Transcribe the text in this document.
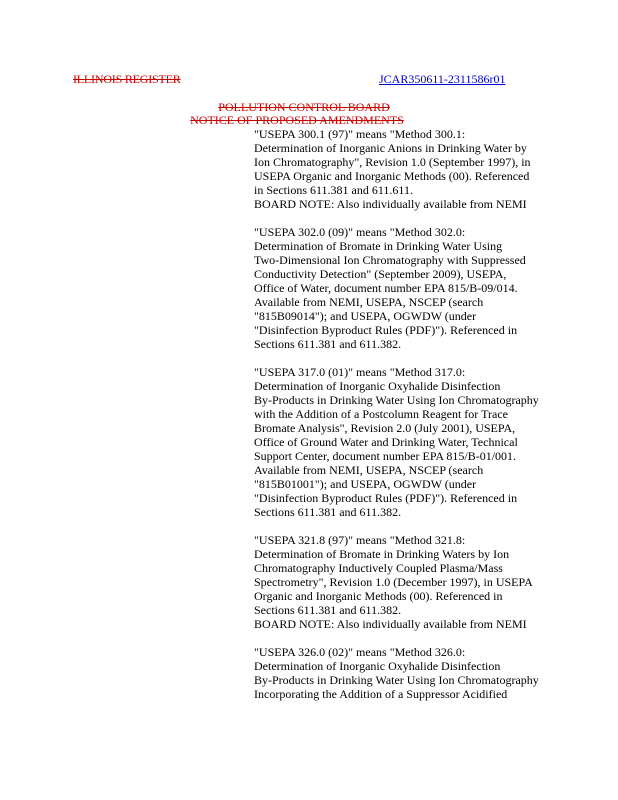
ILLINOIS REGISTER	JCAR350611-2311586r01
POLLUTION CONTROL BOARD
NOTICE OF PROPOSED AMENDMENTS

"USEPA 300.1 (97)" means "Method 300.1:

Determination of Inorganic Anions in Drinking Water by

Ion Chromatography", Revision 1.0 (September 1997), in

USEPA Organic and Inorganic Methods (00). Referenced

in Sections 611.381 and 611.611.

BOARD NOTE: Also individually available from NEMI

"USEPA 302.0 (09)" means "Method 302.0:

Determination of Bromate in Drinking Water Using

Two-Dimensional Ion Chromatography with Suppressed

Conductivity Detection" (September 2009), USEPA,

Office of Water, document number EPA 815/B-09/014.

Available from NEMI, USEPA, NSCEP (search

"815B09014"); and USEPA, OGWDW (under

"Disinfection Byproduct Rules (PDF)"). Referenced in

Sections 611.381 and 611.382.

"USEPA 317.0 (01)" means "Method 317.0:

Determination of Inorganic Oxyhalide Disinfection

By-Products in Drinking Water Using Ion Chromatography

with the Addition of a Postcolumn Reagent for Trace

Bromate Analysis", Revision 2.0 (July 2001), USEPA,

Office of Ground Water and Drinking Water, Technical

Support Center, document number EPA 815/B-01/001.

Available from NEMI, USEPA, NSCEP (search

"815B01001"); and USEPA, OGWDW (under

"Disinfection Byproduct Rules (PDF)"). Referenced in

Sections 611.381 and 611.382.

"USEPA 321.8 (97)" means "Method 321.8:

Determination of Bromate in Drinking Waters by Ion

Chromatography Inductively Coupled Plasma/Mass

Spectrometry", Revision 1.0 (December 1997), in USEPA

Organic and Inorganic Methods (00). Referenced in

Sections 611.381 and 611.382.

BOARD NOTE: Also individually available from NEMI

"USEPA 326.0 (02)" means "Method 326.0:

Determination of Inorganic Oxyhalide Disinfection

By-Products in Drinking Water Using Ion Chromatography

Incorporating the Addition of a Suppressor Acidified
